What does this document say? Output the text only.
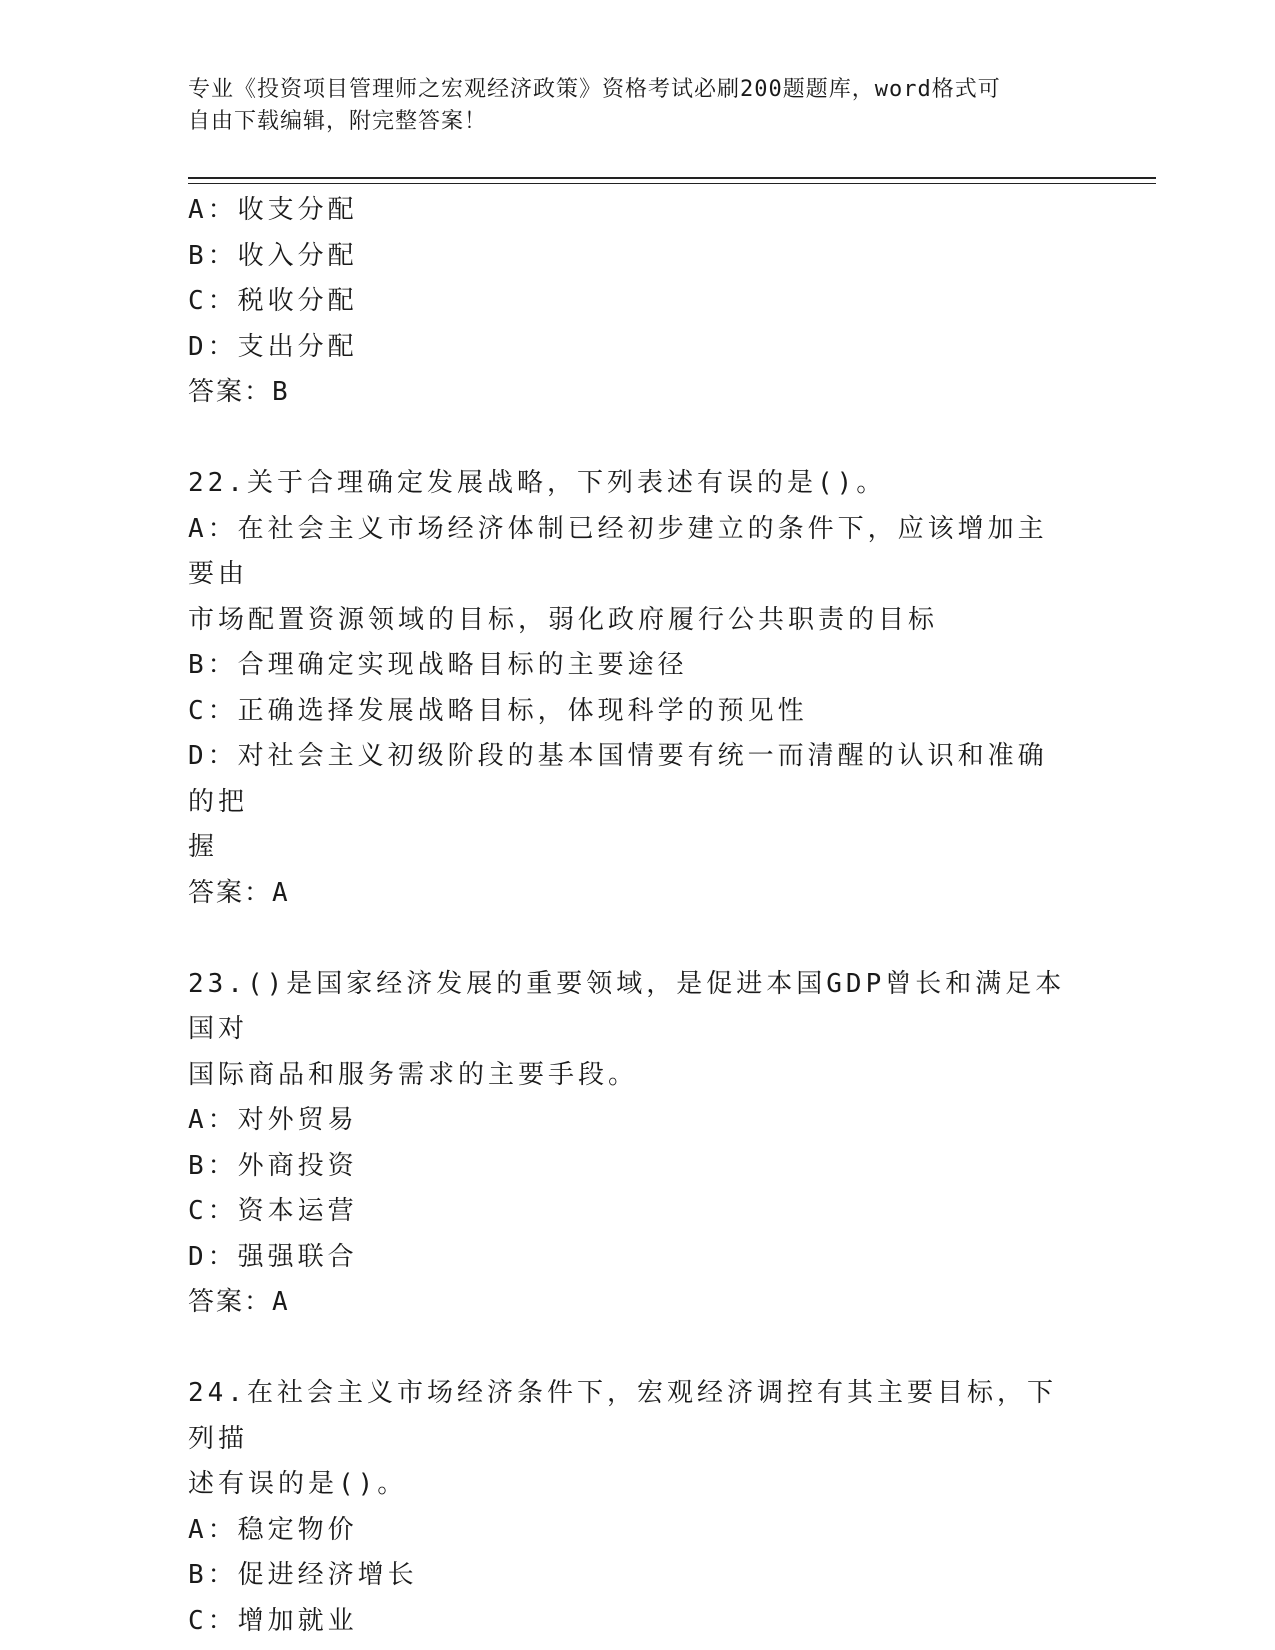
专业《投资项目管理师之宏观经济政策》资格考试必刷200题题库，word格式可
自由下载编辑，附完整答案！

A：收支分配

B：收入分配

C：税收分配

D：支出分配

答案：B

22.关于合理确定发展战略，下列表述有误的是()。

A：在社会主义市场经济体制已经初步建立的条件下，应该增加主要由

市场配置资源领域的目标，弱化政府履行公共职责的目标

B：合理确定实现战略目标的主要途径

C：正确选择发展战略目标，体现科学的预见性

D：对社会主义初级阶段的基本国情要有统一而清醒的认识和准确的把

握

答案：A

23.()是国家经济发展的重要领域，是促进本国GDP曾长和满足本国对

国际商品和服务需求的主要手段。

A：对外贸易

B：外商投资

C：资本运营

D：强强联合

答案：A

24.在社会主义市场经济条件下，宏观经济调控有其主要目标，下列描

述有误的是()。

A：稳定物价

B：促进经济增长

C：增加就业
